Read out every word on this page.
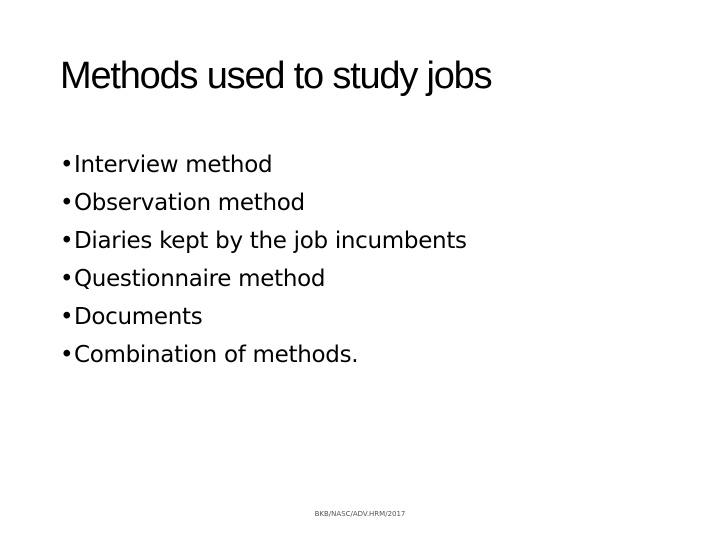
Methods used to study jobs
•Interview method
•Observation method
•Diaries kept by the job incumbents
•Questionnaire method
•Documents
•Combination of methods.
BKB/NASC/ADV.HRM/2017
